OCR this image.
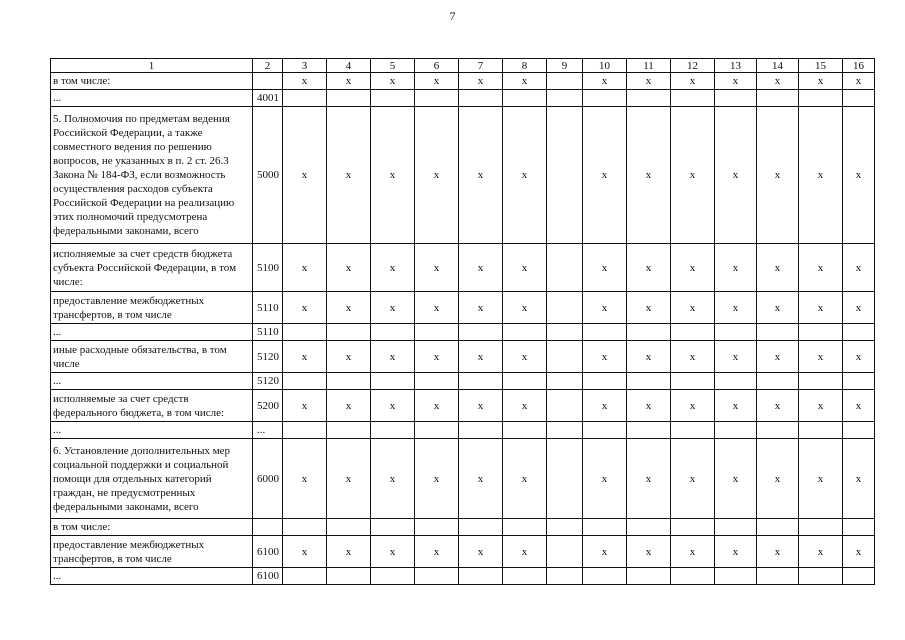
7
1	2	3	4	5	6	7	8	9	10	11	12	13	14	15	16
в том числе:		x	x	x	x	x	x		x	x	x	x	x	x	x
...	4001														
5. Полномочия по предметам ведения Российской Федерации, а также совместного ведения по решению вопросов, не указанных в п. 2 ст. 26.3 Закона № 184-ФЗ, если возможность осуществления расходов субъекта Российской Федерации на реализацию этих полномочий предусмотрена федеральными законами, всего	5000	x	x	x	x	x	x		x	x	x	x	x	x	x
исполняемые за счет средств бюджета субъекта Российской Федерации, в том числе:	5100	x	x	x	x	x	x		x	x	x	x	x	x	x
предоставление межбюджетных трансфертов, в том числе	5110	x	x	x	x	x	x		x	x	x	x	x	x	x
...	5110														
иные расходные обязательства, в том числе	5120	x	x	x	x	x	x		x	x	x	x	x	x	x
...	5120														
исполняемые за счет средств федерального бюджета, в том числе:	5200	x	x	x	x	x	x		x	x	x	x	x	x	x
...	...														
6. Установление дополнительных мер социальной поддержки и социальной помощи для отдельных категорий граждан, не предусмотренных федеральными законами, всего	6000	x	x	x	x	x	x		x	x	x	x	x	x	x
в том числе:															
предоставление межбюджетных трансфертов, в том числе	6100	x	x	x	x	x	x		x	x	x	x	x	x	x
...	6100														
